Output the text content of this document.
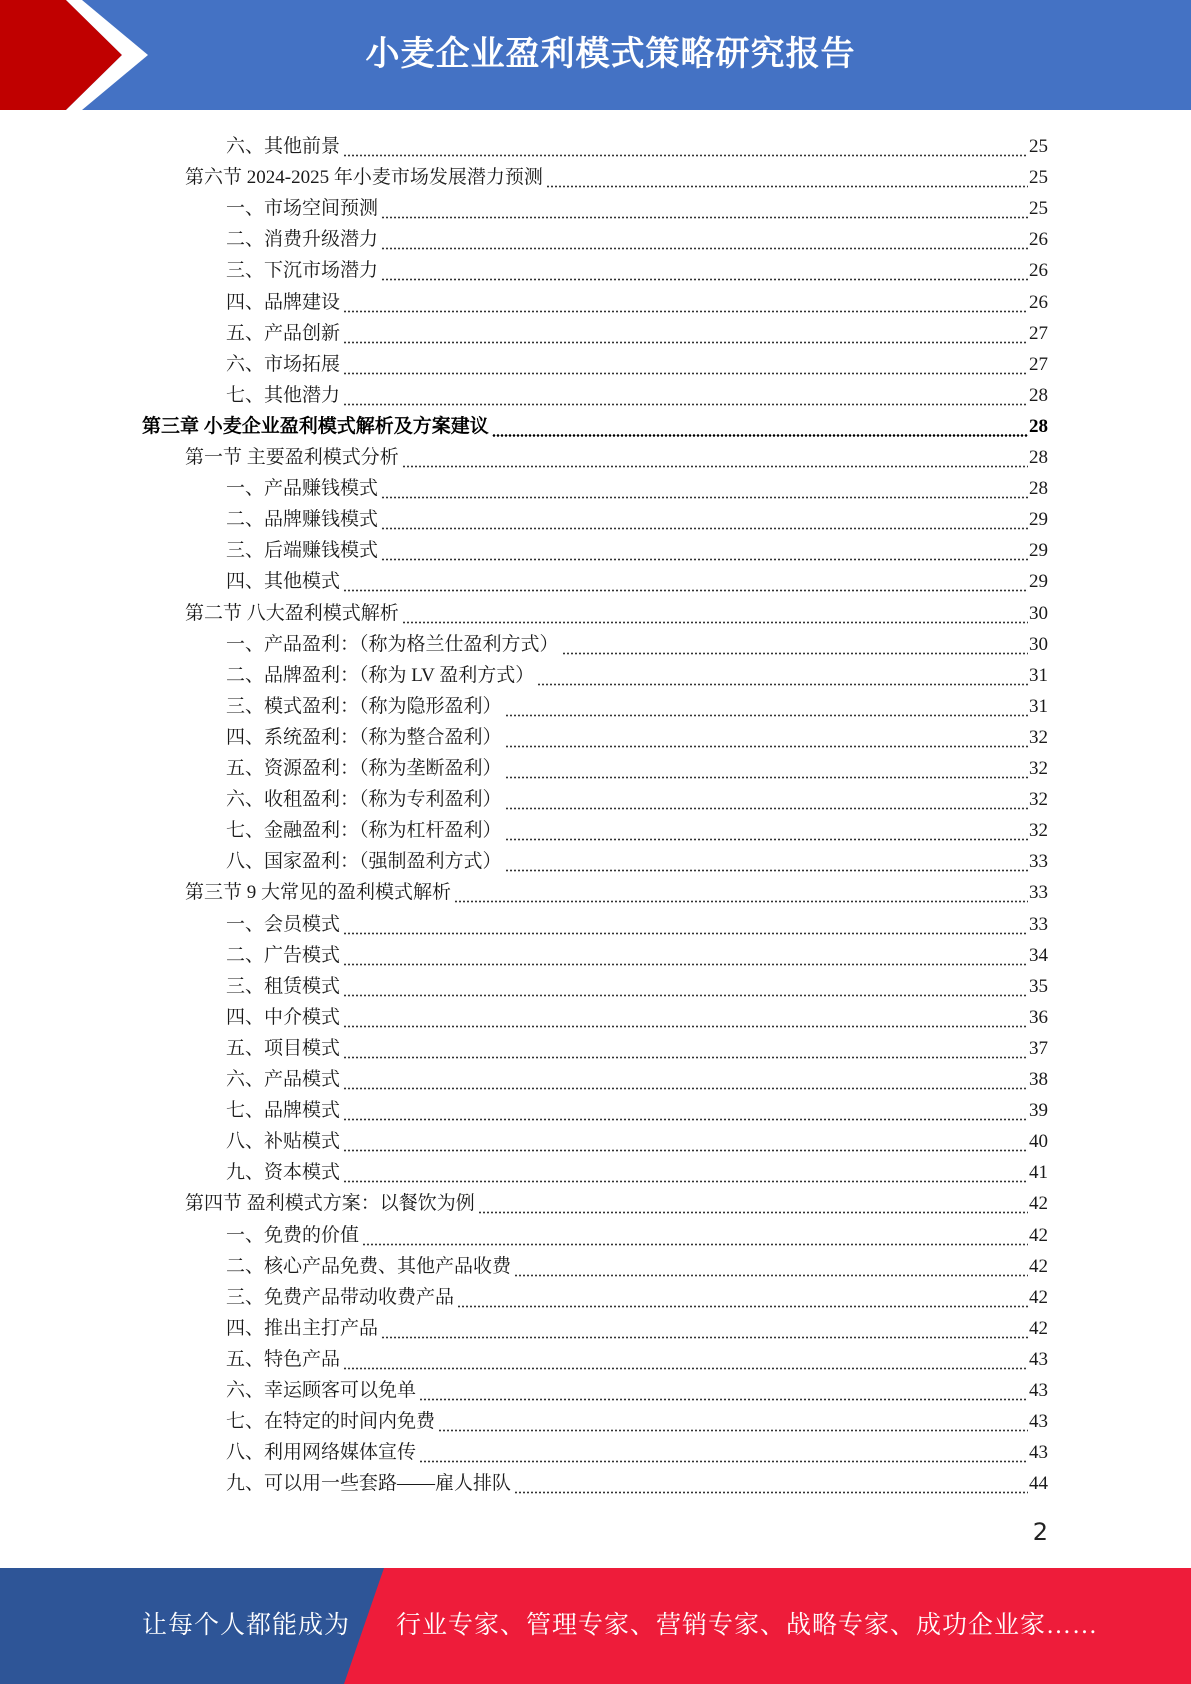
小麦企业盈利模式策略研究报告
六、其他前景	25
第六节 2024-2025 年小麦市场发展潜力预测	25
一、市场空间预测	25
二、消费升级潜力	26
三、下沉市场潜力	26
四、品牌建设	26
五、产品创新	27
六、市场拓展	27
七、其他潜力	28
第三章 小麦企业盈利模式解析及方案建议	28
第一节 主要盈利模式分析	28
一、产品赚钱模式	28
二、品牌赚钱模式	29
三、后端赚钱模式	29
四、其他模式	29
第二节 八大盈利模式解析	30
一、产品盈利：（称为格兰仕盈利方式）	30
二、品牌盈利：（称为 LV 盈利方式）	31
三、模式盈利：（称为隐形盈利）	31
四、系统盈利：（称为整合盈利）	32
五、资源盈利：（称为垄断盈利）	32
六、收租盈利：（称为专利盈利）	32
七、金融盈利：（称为杠杆盈利）	32
八、国家盈利：（强制盈利方式）	33
第三节 9 大常见的盈利模式解析	33
一、会员模式	33
二、广告模式	34
三、租赁模式	35
四、中介模式	36
五、项目模式	37
六、产品模式	38
七、品牌模式	39
八、补贴模式	40
九、资本模式	41
第四节 盈利模式方案：以餐饮为例	42
一、免费的价值	42
二、核心产品免费、其他产品收费	42
三、免费产品带动收费产品	42
四、推出主打产品	42
五、特色产品	43
六、幸运顾客可以免单	43
七、在特定的时间内免费	43
八、利用网络媒体宣传	43
九、可以用一些套路——雇人排队	44
2
让每个人都能成为 行业专家、管理专家、营销专家、战略专家、成功企业家……
